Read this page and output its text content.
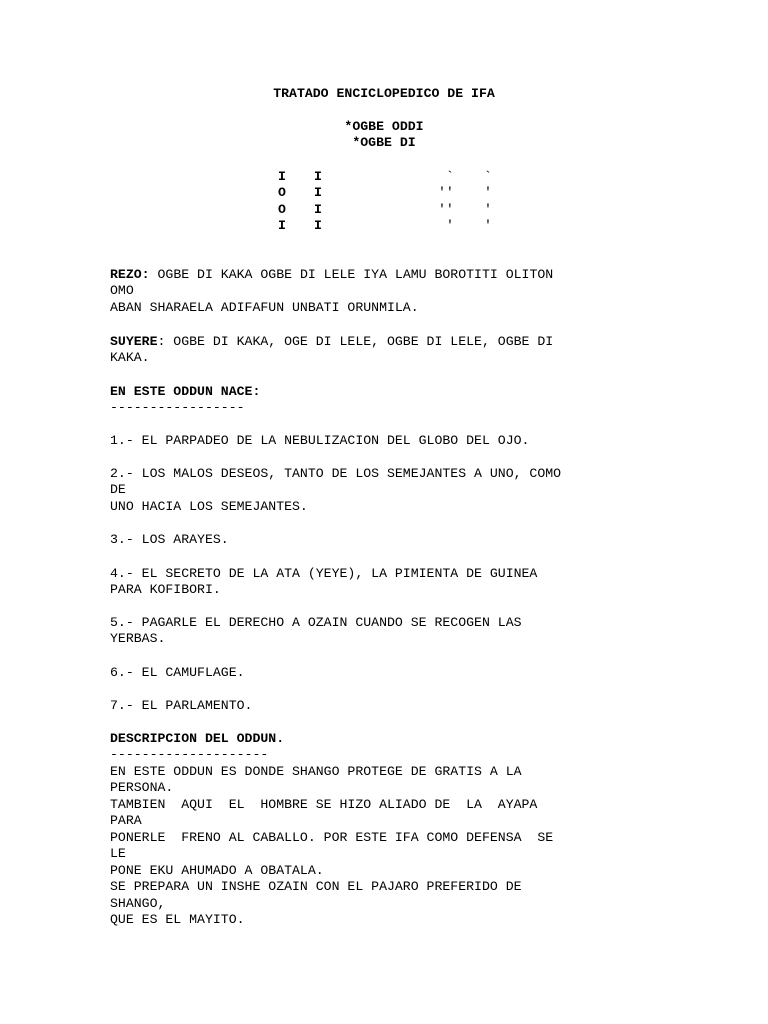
TRATADO ENCICLOPEDICO DE IFA
*OGBE ODDI
*OGBE DI
I
O
O
I
I
I
I
I
`
''
''
'
`
'
'
'
REZO: OGBE DI KAKA OGBE DI LELE IYA LAMU BOROTITI OLITON
OMO
ABAN SHARAELA ADIFAFUN UNBATI ORUNMILA.
SUYERE: OGBE DI KAKA, OGE DI LELE, OGBE DI LELE, OGBE DI
KAKA.
EN ESTE ODDUN NACE:
-----------------
1.- EL PARPADEO DE LA NEBULIZACION DEL GLOBO DEL OJO.
2.- LOS MALOS DESEOS, TANTO DE LOS SEMEJANTES A UNO, COMO
DE
UNO HACIA LOS SEMEJANTES.
3.- LOS ARAYES.
4.- EL SECRETO DE LA ATA (YEYE), LA PIMIENTA DE GUINEA
PARA KOFIBORI.
5.- PAGARLE EL DERECHO A OZAIN CUANDO SE RECOGEN LAS
YERBAS.
6.- EL CAMUFLAGE.
7.- EL PARLAMENTO.
DESCRIPCION DEL ODDUN.
--------------------
EN ESTE ODDUN ES DONDE SHANGO PROTEGE DE GRATIS A LA
PERSONA.
TAMBIEN  AQUI  EL  HOMBRE SE HIZO ALIADO DE  LA  AYAPA
PARA
PONERLE  FRENO AL CABALLO. POR ESTE IFA COMO DEFENSA  SE
LE
PONE EKU AHUMADO A OBATALA.
SE PREPARA UN INSHE OZAIN CON EL PAJARO PREFERIDO DE
SHANGO,
QUE ES EL MAYITO.
